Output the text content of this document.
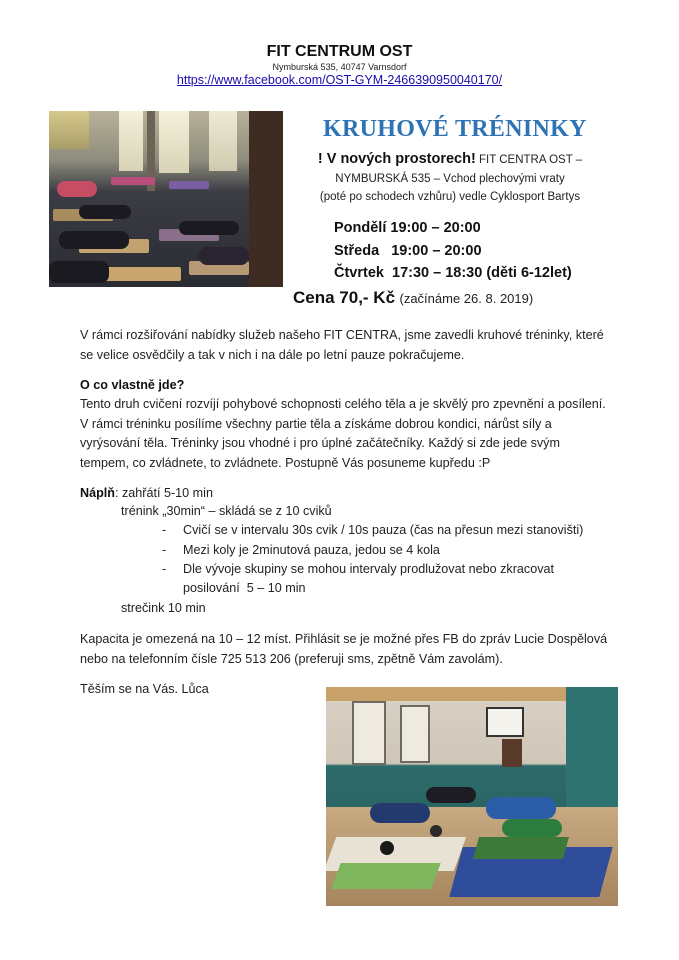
FIT CENTRUM OST
Nymburská 535, 40747 Varnsdorf
https://www.facebook.com/OST-GYM-2466390950040170/
KRUHOVÉ TRÉNINKY
! V nových prostorech! FIT CENTRA OST –
NYMBURSKÁ 535 – Vchod plechovými vraty
(poté po schodech vzhůru) vedle Cyklosport Bartys
Pondělí 19:00 – 20:00
Středa   19:00 – 20:00
Čtvrtek  17:30 – 18:30 (děti 6-12let)
Cena 70,- Kč (začínáme 26. 8. 2019)
V rámci rozšiřování nabídky služeb našeho FIT CENTRA, jsme zavedli kruhové tréninky, které se velice osvědčily a tak v nich i na dále po letní pauze pokračujeme.
O co vlastně jde?
Tento druh cvičení rozvíjí pohybové schopnosti celého těla a je skvělý pro zpevnění a posílení. V rámci tréninku posílíme všechny partie těla a získáme dobrou kondici, nárůst síly a vyrýsování těla. Tréninky jsou vhodné i pro úplné začátečníky. Každý si zde jede svým tempem, co zvládnete, to zvládnete. Postupně Vás posuneme kupředu :P
Náplň: zahřátí 5-10 min
trénink „30min“ – skládá se z 10 cviků
- Cvičí se v intervalu 30s cvik / 10s pauza (čas na přesun mezi stanovišti)
- Mezi koly je 2minutová pauza, jedou se 4 kola
- Dle vývoje skupiny se mohou intervaly prodlužovat nebo zkracovat
posilování  5 – 10 min
strečink 10 min
Kapacita je omezená na 10 – 12 míst. Přihlásit se je možné přes FB do zpráv Lucie Dospělová nebo na telefonním čísle 725 513 206 (preferuji sms, zpětně Vám zavolám).
Těším se na Vás. Lůca
